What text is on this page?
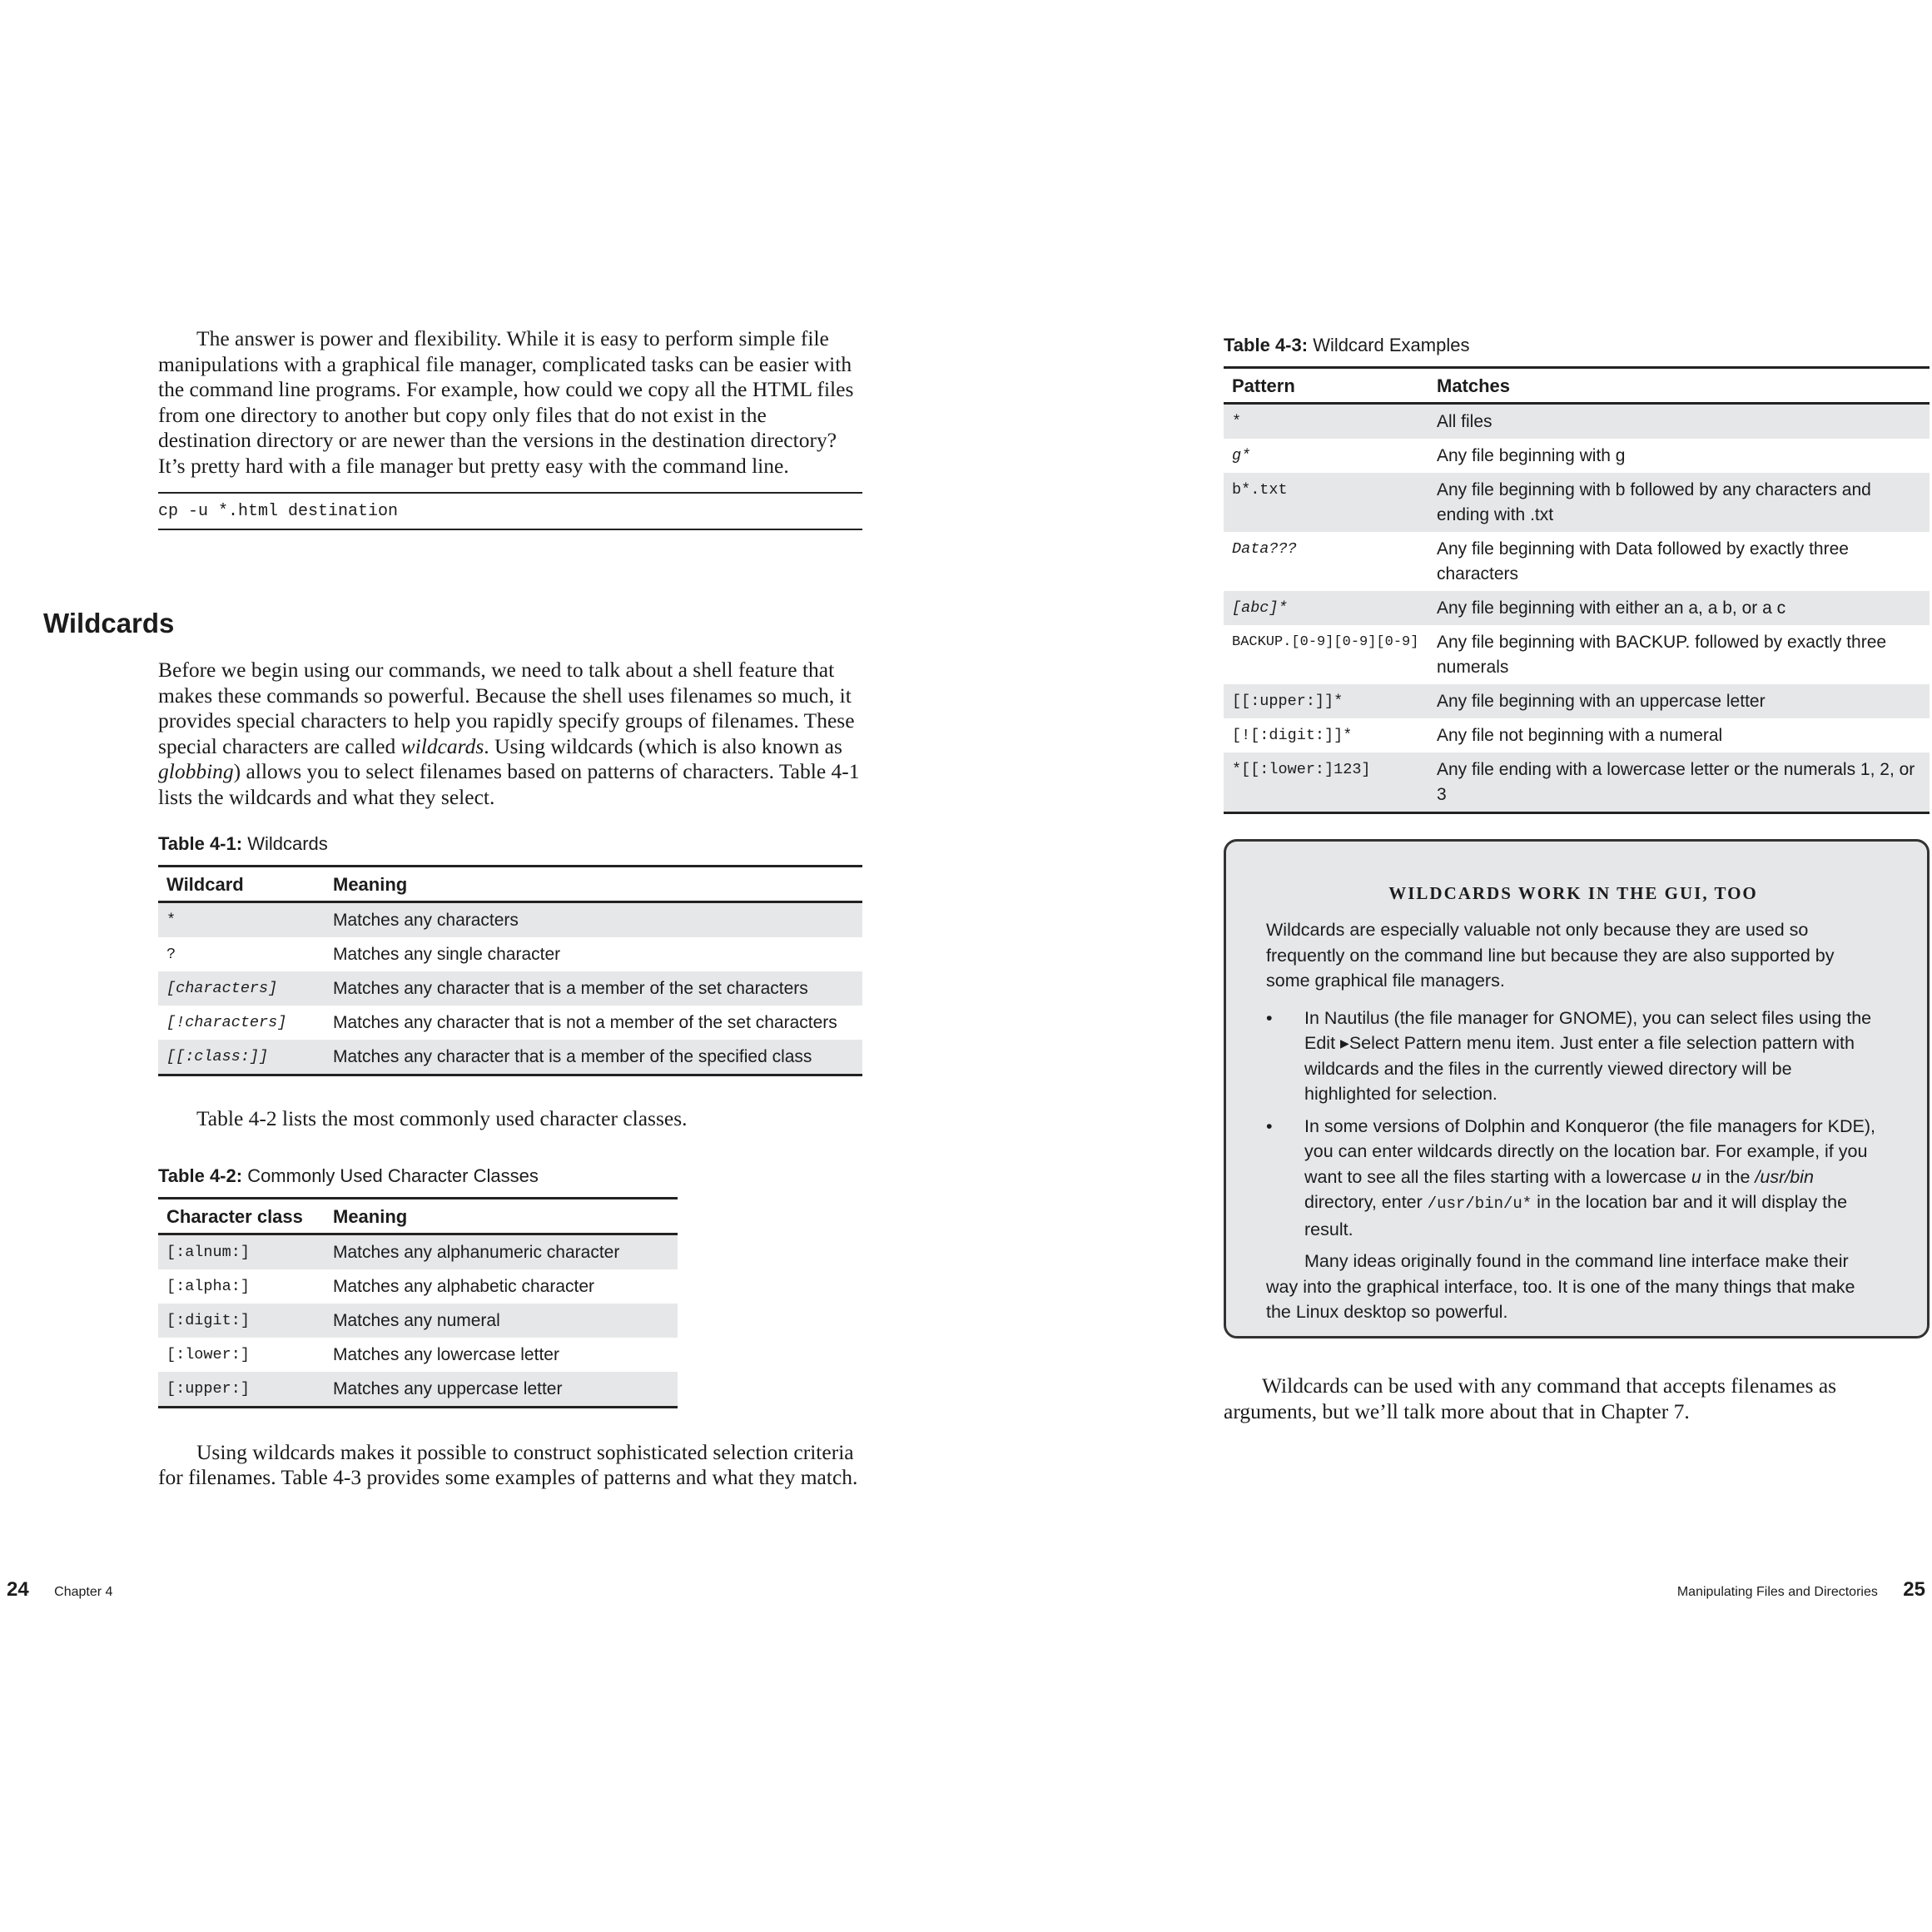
The answer is power and flexibility. While it is easy to perform simple file manipulations with a graphical file manager, complicated tasks can be easier with the command line programs. For example, how could we copy all the HTML files from one directory to another but copy only files that do not exist in the destination directory or are newer than the versions in the destination directory? It’s pretty hard with a file manager but pretty easy with the command line.

cp -u *.html destination
Wildcards

Before we begin using our commands, we need to talk about a shell feature that makes these commands so powerful. Because the shell uses filenames so much, it provides special characters to help you rapidly specify groups of filenames. These special characters are called wildcards. Using wildcards (which is also known as globbing) allows you to select filenames based on patterns of characters. Table 4-1 lists the wildcards and what they select.

Table 4-1: Wildcards

Wildcard	Meaning
*	Matches any characters
?	Matches any single character
[characters]	Matches any character that is a member of the set characters
[!characters]	Matches any character that is not a member of the set characters
[[:class:]]	Matches any character that is a member of the specified class

Table 4-2 lists the most commonly used character classes.

Table 4-2: Commonly Used Character Classes

Character class	Meaning
[:alnum:]	Matches any alphanumeric character
[:alpha:]	Matches any alphabetic character
[:digit:]	Matches any numeral
[:lower:]	Matches any lowercase letter
[:upper:]	Matches any uppercase letter

Using wildcards makes it possible to construct sophisticated selection criteria for filenames. Table 4-3 provides some examples of patterns and what they match.

Table 4-3: Wildcard Examples

Pattern	Matches
*	All files
g*	Any file beginning with g
b*.txt	Any file beginning with b followed by any characters and ending with .txt
Data???	Any file beginning with Data followed by exactly three characters
[abc]*	Any file beginning with either an a, a b, or a c
BACKUP.[0-9][0-9][0-9]	Any file beginning with BACKUP. followed by exactly three numerals
[[:upper:]]*	Any file beginning with an uppercase letter
[![:digit:]]*	Any file not beginning with a numeral
*[[:lower:]123]	Any file ending with a lowercase letter or the numerals 1, 2, or 3

WILDCARDS WORK IN THE GUI, TOO

Wildcards are especially valuable not only because they are used so frequently on the command line but because they are also supported by some graphical file managers.

• In Nautilus (the file manager for GNOME), you can select files using the Edit ▸Select Pattern menu item. Just enter a file selection pattern with wildcards and the files in the currently viewed directory will be highlighted for selection.
• In some versions of Dolphin and Konqueror (the file managers for KDE), you can enter wildcards directly on the location bar. For example, if you want to see all the files starting with a lowercase u in the /usr/bin directory, enter /usr/bin/u* in the location bar and it will display the result.

Many ideas originally found in the command line interface make their way into the graphical interface, too. It is one of the many things that make the Linux desktop so powerful.

Wildcards can be used with any command that accepts filenames as arguments, but we’ll talk more about that in Chapter 7.

24 Chapter 4	Manipulating Files and Directories 25
